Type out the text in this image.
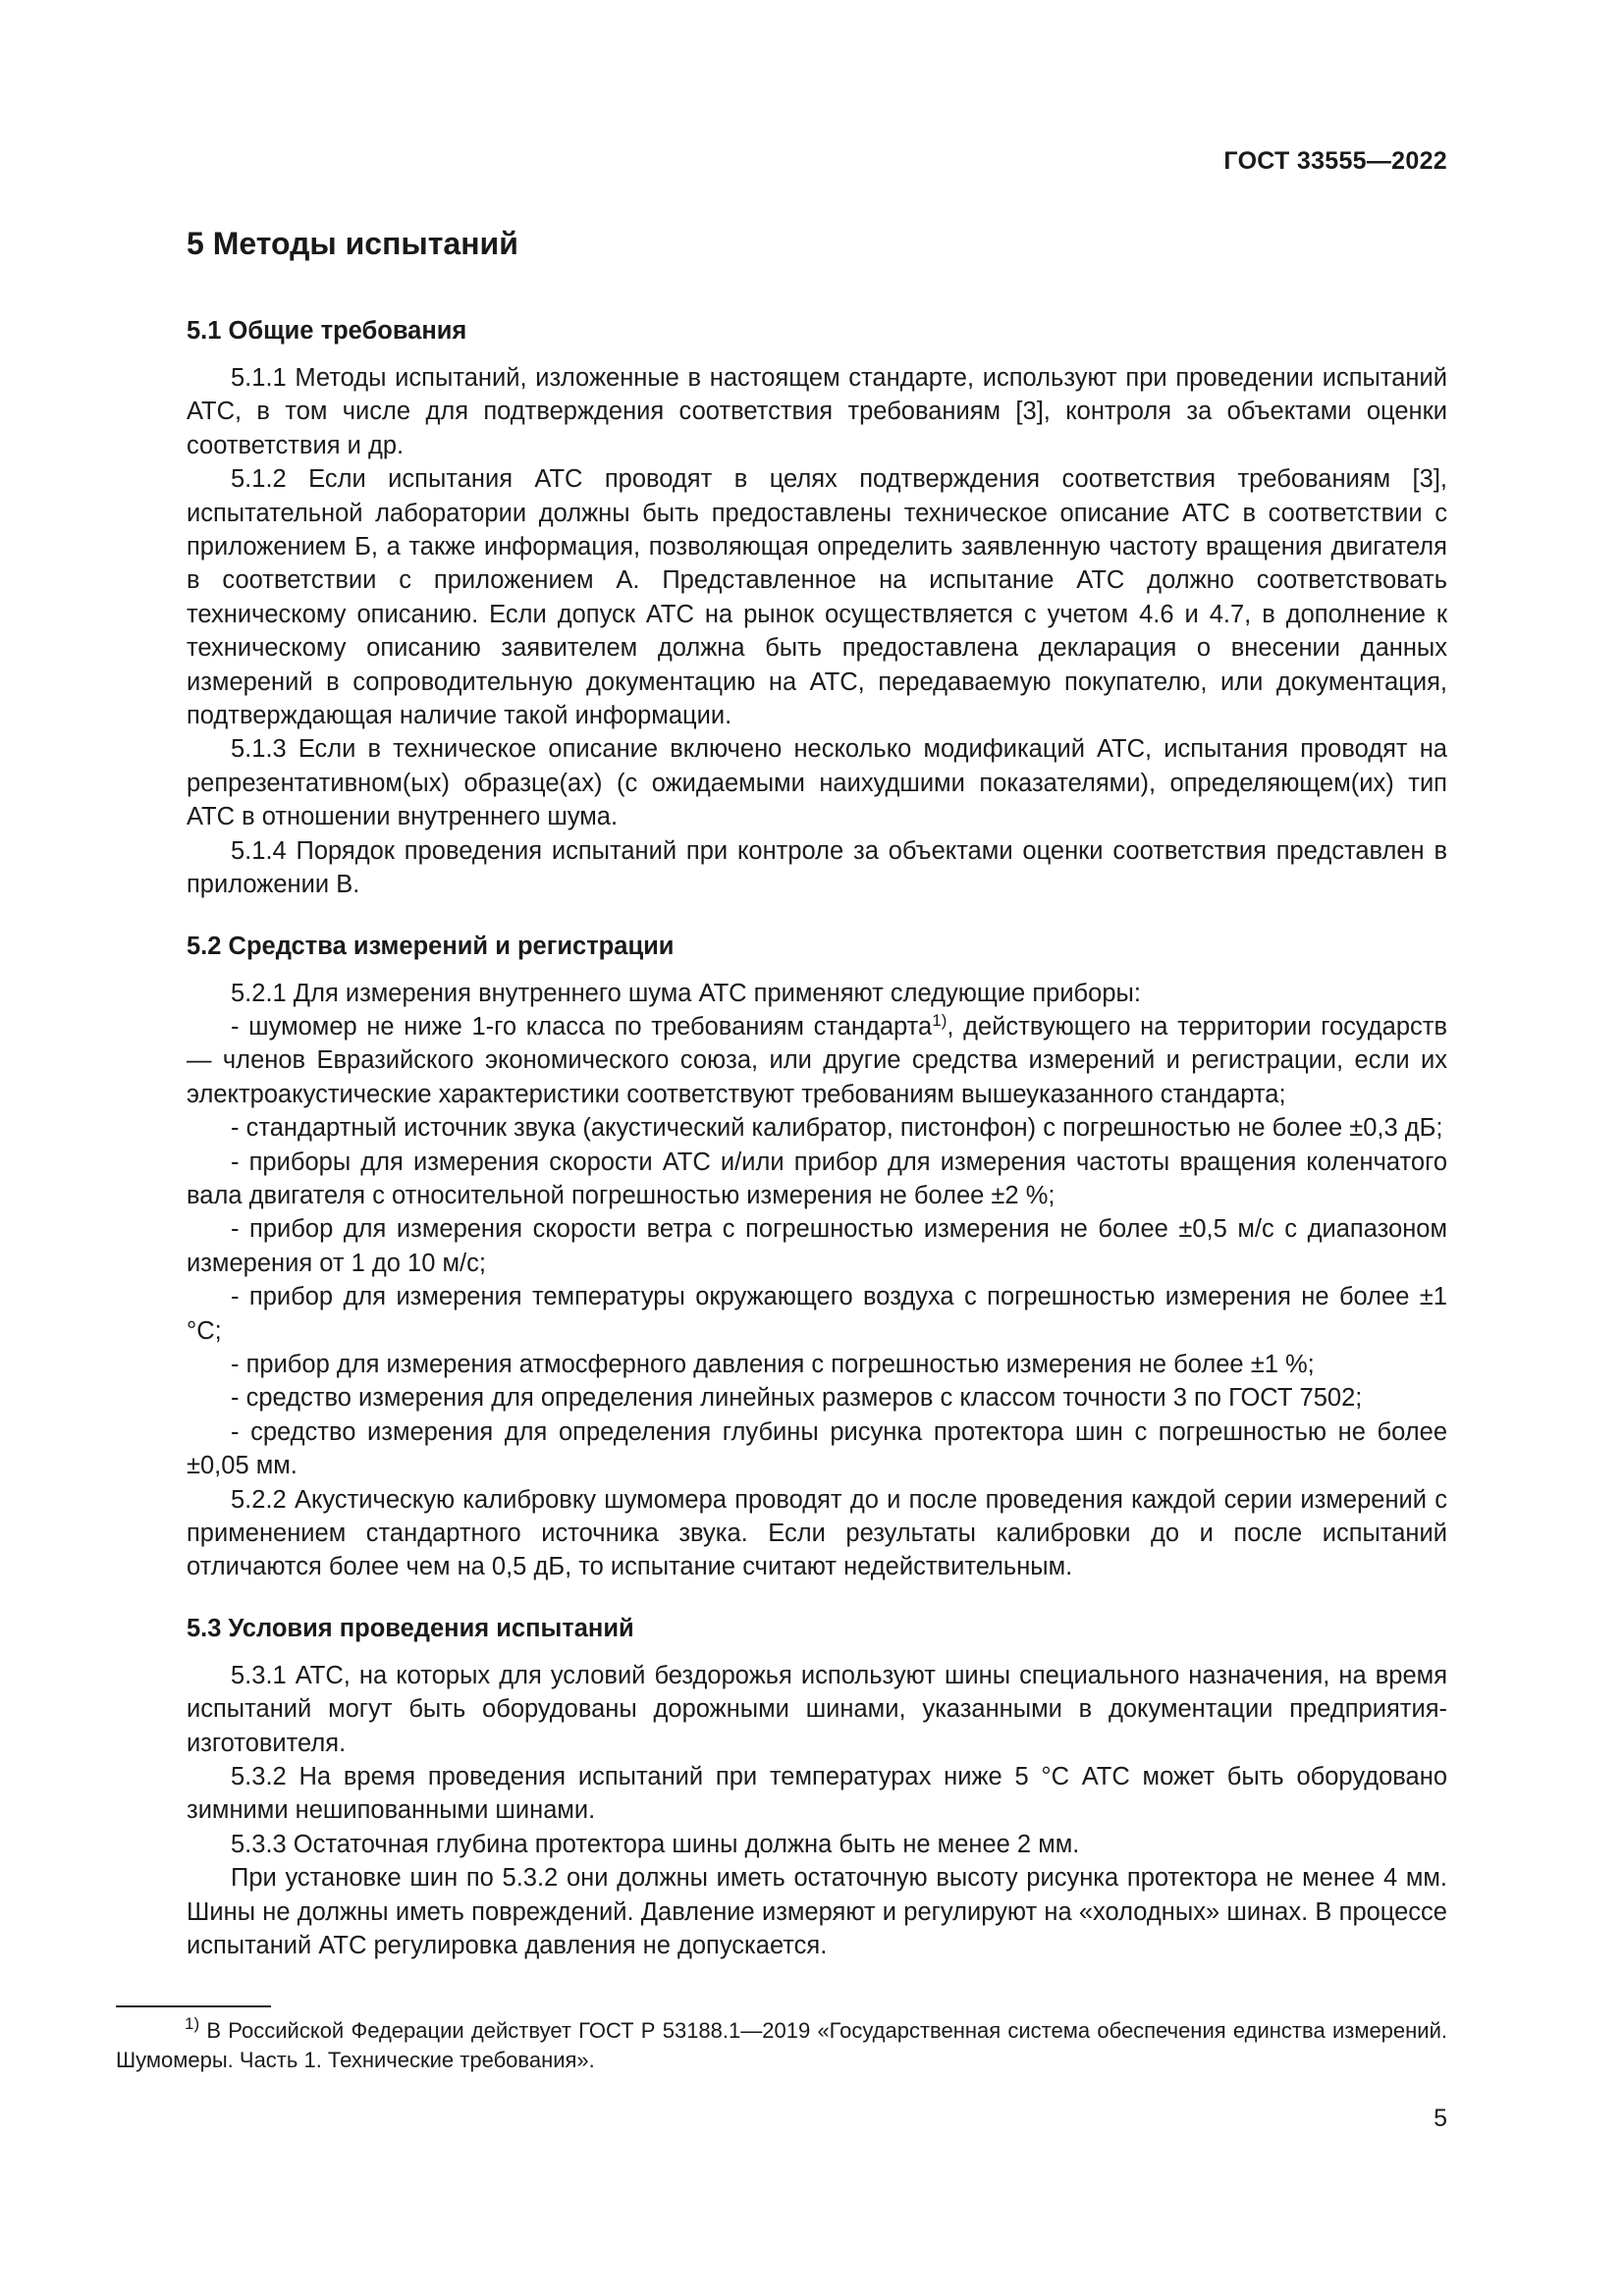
ГОСТ 33555—2022
5 Методы испытаний
5.1 Общие требования

5.1.1 Методы испытаний, изложенные в настоящем стандарте, используют при проведении испытаний АТС, в том числе для подтверждения соответствия требованиям [3], контроля за объектами оценки соответствия и др.

5.1.2 Если испытания АТС проводят в целях подтверждения соответствия требованиям [3], испытательной лаборатории должны быть предоставлены техническое описание АТС в соответствии с приложением Б, а также информация, позволяющая определить заявленную частоту вращения двигателя в соответствии с приложением А. Представленное на испытание АТС должно соответствовать техническому описанию. Если допуск АТС на рынок осуществляется с учетом 4.6 и 4.7, в дополнение к техническому описанию заявителем должна быть предоставлена декларация о внесении данных измерений в сопроводительную документацию на АТС, передаваемую покупателю, или документация, подтверждающая наличие такой информации.

5.1.3 Если в техническое описание включено несколько модификаций АТС, испытания проводят на репрезентативном(ых) образце(ах) (с ожидаемыми наихудшими показателями), определяющем(их) тип АТС в отношении внутреннего шума.

5.1.4 Порядок проведения испытаний при контроле за объектами оценки соответствия представлен в приложении В.

5.2 Средства измерений и регистрации

5.2.1 Для измерения внутреннего шума АТС применяют следующие приборы:

- шумомер не ниже 1-го класса по требованиям стандарта$^{1)}$, действующего на территории государств — членов Евразийского экономического союза, или другие средства измерений и регистрации, если их электроакустические характеристики соответствуют требованиям вышеуказанного стандарта;

- стандартный источник звука (акустический калибратор, пистонфон) с погрешностью не более ±0,3 дБ;

- приборы для измерения скорости АТС и/или прибор для измерения частоты вращения коленчатого вала двигателя с относительной погрешностью измерения не более ±2 %;

- прибор для измерения скорости ветра с погрешностью измерения не более ±0,5 м/с с диапазоном измерения от 1 до 10 м/с;

- прибор для измерения температуры окружающего воздуха с погрешностью измерения не более ±1 °С;

- прибор для измерения атмосферного давления с погрешностью измерения не более ±1 %;

- средство измерения для определения линейных размеров с классом точности 3 по ГОСТ 7502;

- средство измерения для определения глубины рисунка протектора шин с погрешностью не более ±0,05 мм.

5.2.2 Акустическую калибровку шумомера проводят до и после проведения каждой серии измерений с применением стандартного источника звука. Если результаты калибровки до и после испытаний отличаются более чем на 0,5 дБ, то испытание считают недействительным.

5.3 Условия проведения испытаний

5.3.1 АТС, на которых для условий бездорожья используют шины специального назначения, на время испытаний могут быть оборудованы дорожными шинами, указанными в документации предприятия-изготовителя.

5.3.2 На время проведения испытаний при температурах ниже 5 °С АТС может быть оборудовано зимними нешипованными шинами.

5.3.3 Остаточная глубина протектора шины должна быть не менее 2 мм.

При установке шин по 5.3.2 они должны иметь остаточную высоту рисунка протектора не менее 4 мм. Шины не должны иметь повреждений. Давление измеряют и регулируют на «холодных» шинах. В процессе испытаний АТС регулировка давления не допускается.

$^{1)}$ В Российской Федерации действует ГОСТ Р 53188.1—2019 «Государственная система обеспечения единства измерений. Шумомеры. Часть 1. Технические требования».

5
